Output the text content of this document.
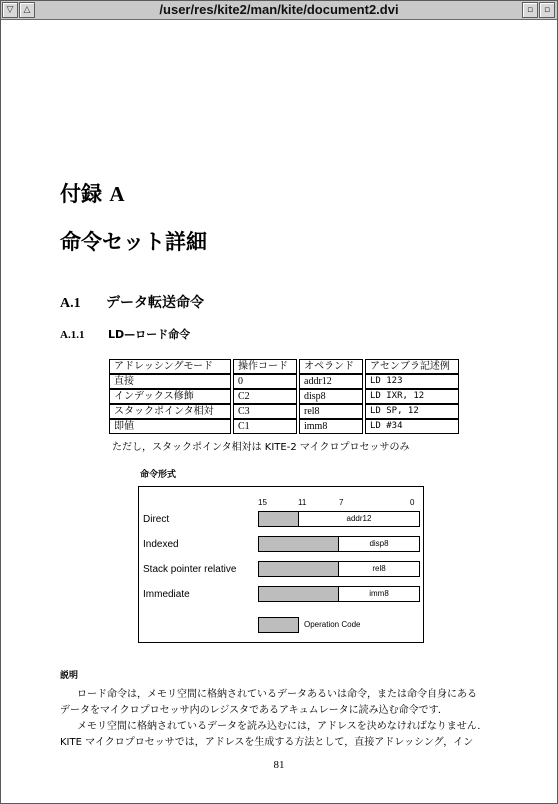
▽	△	/user/res/kite2/man/kite/document2.dvi	▫	▫
付録 A
命令セット詳細
A.1 データ転送命令
A.1.1 LD—ロード命令
アドレッシングモード	操作コード	オペランド	アセンブラ記述例
直接	0	addr12	LD 123
インデックス修飾	C2	disp8	LD IXR, 12
スタックポインタ相対	C3	rel8	LD SP, 12
即値	C1	imm8	LD #34
ただし，スタックポインタ相対は KITE-2 マイクロプロセッサのみ
命令形式
15	11	7	0
Direct	addr12
Indexed	disp8
Stack pointer relative	rel8
Immediate	imm8
Operation Code
説明
ロード命令は，メモリ空間に格納されているデータあるいは命令，または命令自身にある
データをマイクロプロセッサ内のレジスタであるアキュムレータに読み込む命令です．
メモリ空間に格納されているデータを読み込むには，アドレスを決めなければなりません．
KITE マイクロプロセッサでは，アドレスを生成する方法として，直接アドレッシング，イン
81
